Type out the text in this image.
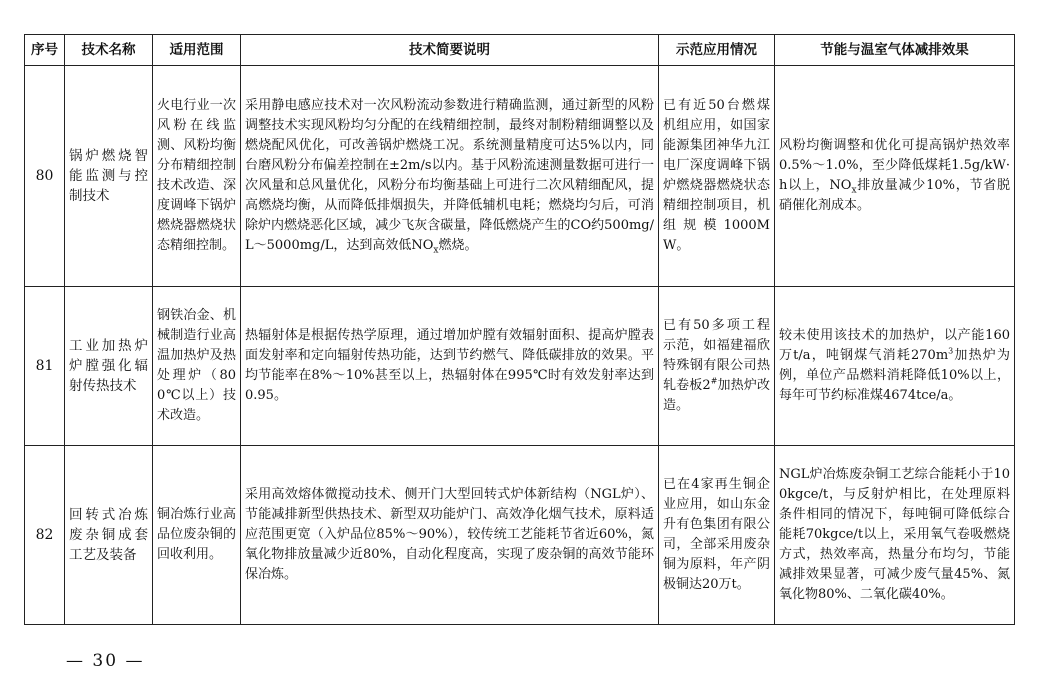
序号	技术名称	适用范围	技术简要说明	示范应用情况	节能与温室气体减排效果
80	锅炉燃烧智能监测与控制技术	火电行业一次风粉在线监测、风粉均衡分布精细控制技术改造、深度调峰下锅炉燃烧器燃烧状态精细控制。	采用静电感应技术对一次风粉流动参数进行精确监测，通过新型的风粉调整技术实现风粉均匀分配的在线精细控制，最终对制粉精细调整以及燃烧配风优化，可改善锅炉燃烧工况。系统测量精度可达5%以内，同台磨风粉分布偏差控制在±2m/s以内。基于风粉流速测量数据可进行一次风量和总风量优化，风粉分布均衡基础上可进行二次风精细配风，提高燃烧均衡，从而降低排烟损失，并降低辅机电耗；燃烧均匀后，可消除炉内燃烧恶化区域，减少飞灰含碳量，降低燃烧产生的CO约500mg/L～5000mg/L，达到高效低$NO_x$燃烧。	已有近50台燃煤机组应用，如国家能源集团神华九江电厂深度调峰下锅炉燃烧器燃烧状态精细控制项目，机组规模1000MW。	风粉均衡调整和优化可提高锅炉热效率0.5%～1.0%，至少降低煤耗1.5g/kW·h以上，$NO_x$排放量减少10%，节省脱硝催化剂成本。
81	工业加热炉炉膛强化辐射传热技术	钢铁冶金、机械制造行业高温加热炉及热处理炉（800℃以上）技术改造。	热辐射体是根据传热学原理，通过增加炉膛有效辐射面积、提高炉膛表面发射率和定向辐射传热功能，达到节约燃气、降低碳排放的效果。平均节能率在8%～10%甚至以上，热辐射体在995℃时有效发射率达到0.95。	已有50多项工程示范，如福建福欣特殊钢有限公司热轧卷板2#加热炉改造。	较未使用该技术的加热炉，以产能160万t/a，吨钢煤气消耗$270m^3$加热炉为例，单位产品燃料消耗降低10%以上，每年可节约标准煤4674tce/a。
82	回转式冶炼废杂铜成套工艺及装备	铜冶炼行业高品位废杂铜的回收利用。	采用高效熔体微搅动技术、侧开门大型回转式炉体新结构（NGL炉）、节能减排新型供热技术、新型双功能炉门、高效净化烟气技术，原料适应范围更宽（入炉品位85%～90%），较传统工艺能耗节省近60%，氮氧化物排放量减少近80%，自动化程度高，实现了废杂铜的高效节能环保冶炼。	已在4家再生铜企业应用，如山东金升有色集团有限公司，全部采用废杂铜为原料，年产阴极铜达20万t。	NGL炉冶炼废杂铜工艺综合能耗小于100kgce/t，与反射炉相比，在处理原料条件相同的情况下，每吨铜可降低综合能耗70kgce/t以上，采用氧气卷吸燃烧方式，热效率高，热量分布均匀，节能减排效果显著，可减少废气量45%、氮氧化物80%、二氧化碳40%。
— 30 —
